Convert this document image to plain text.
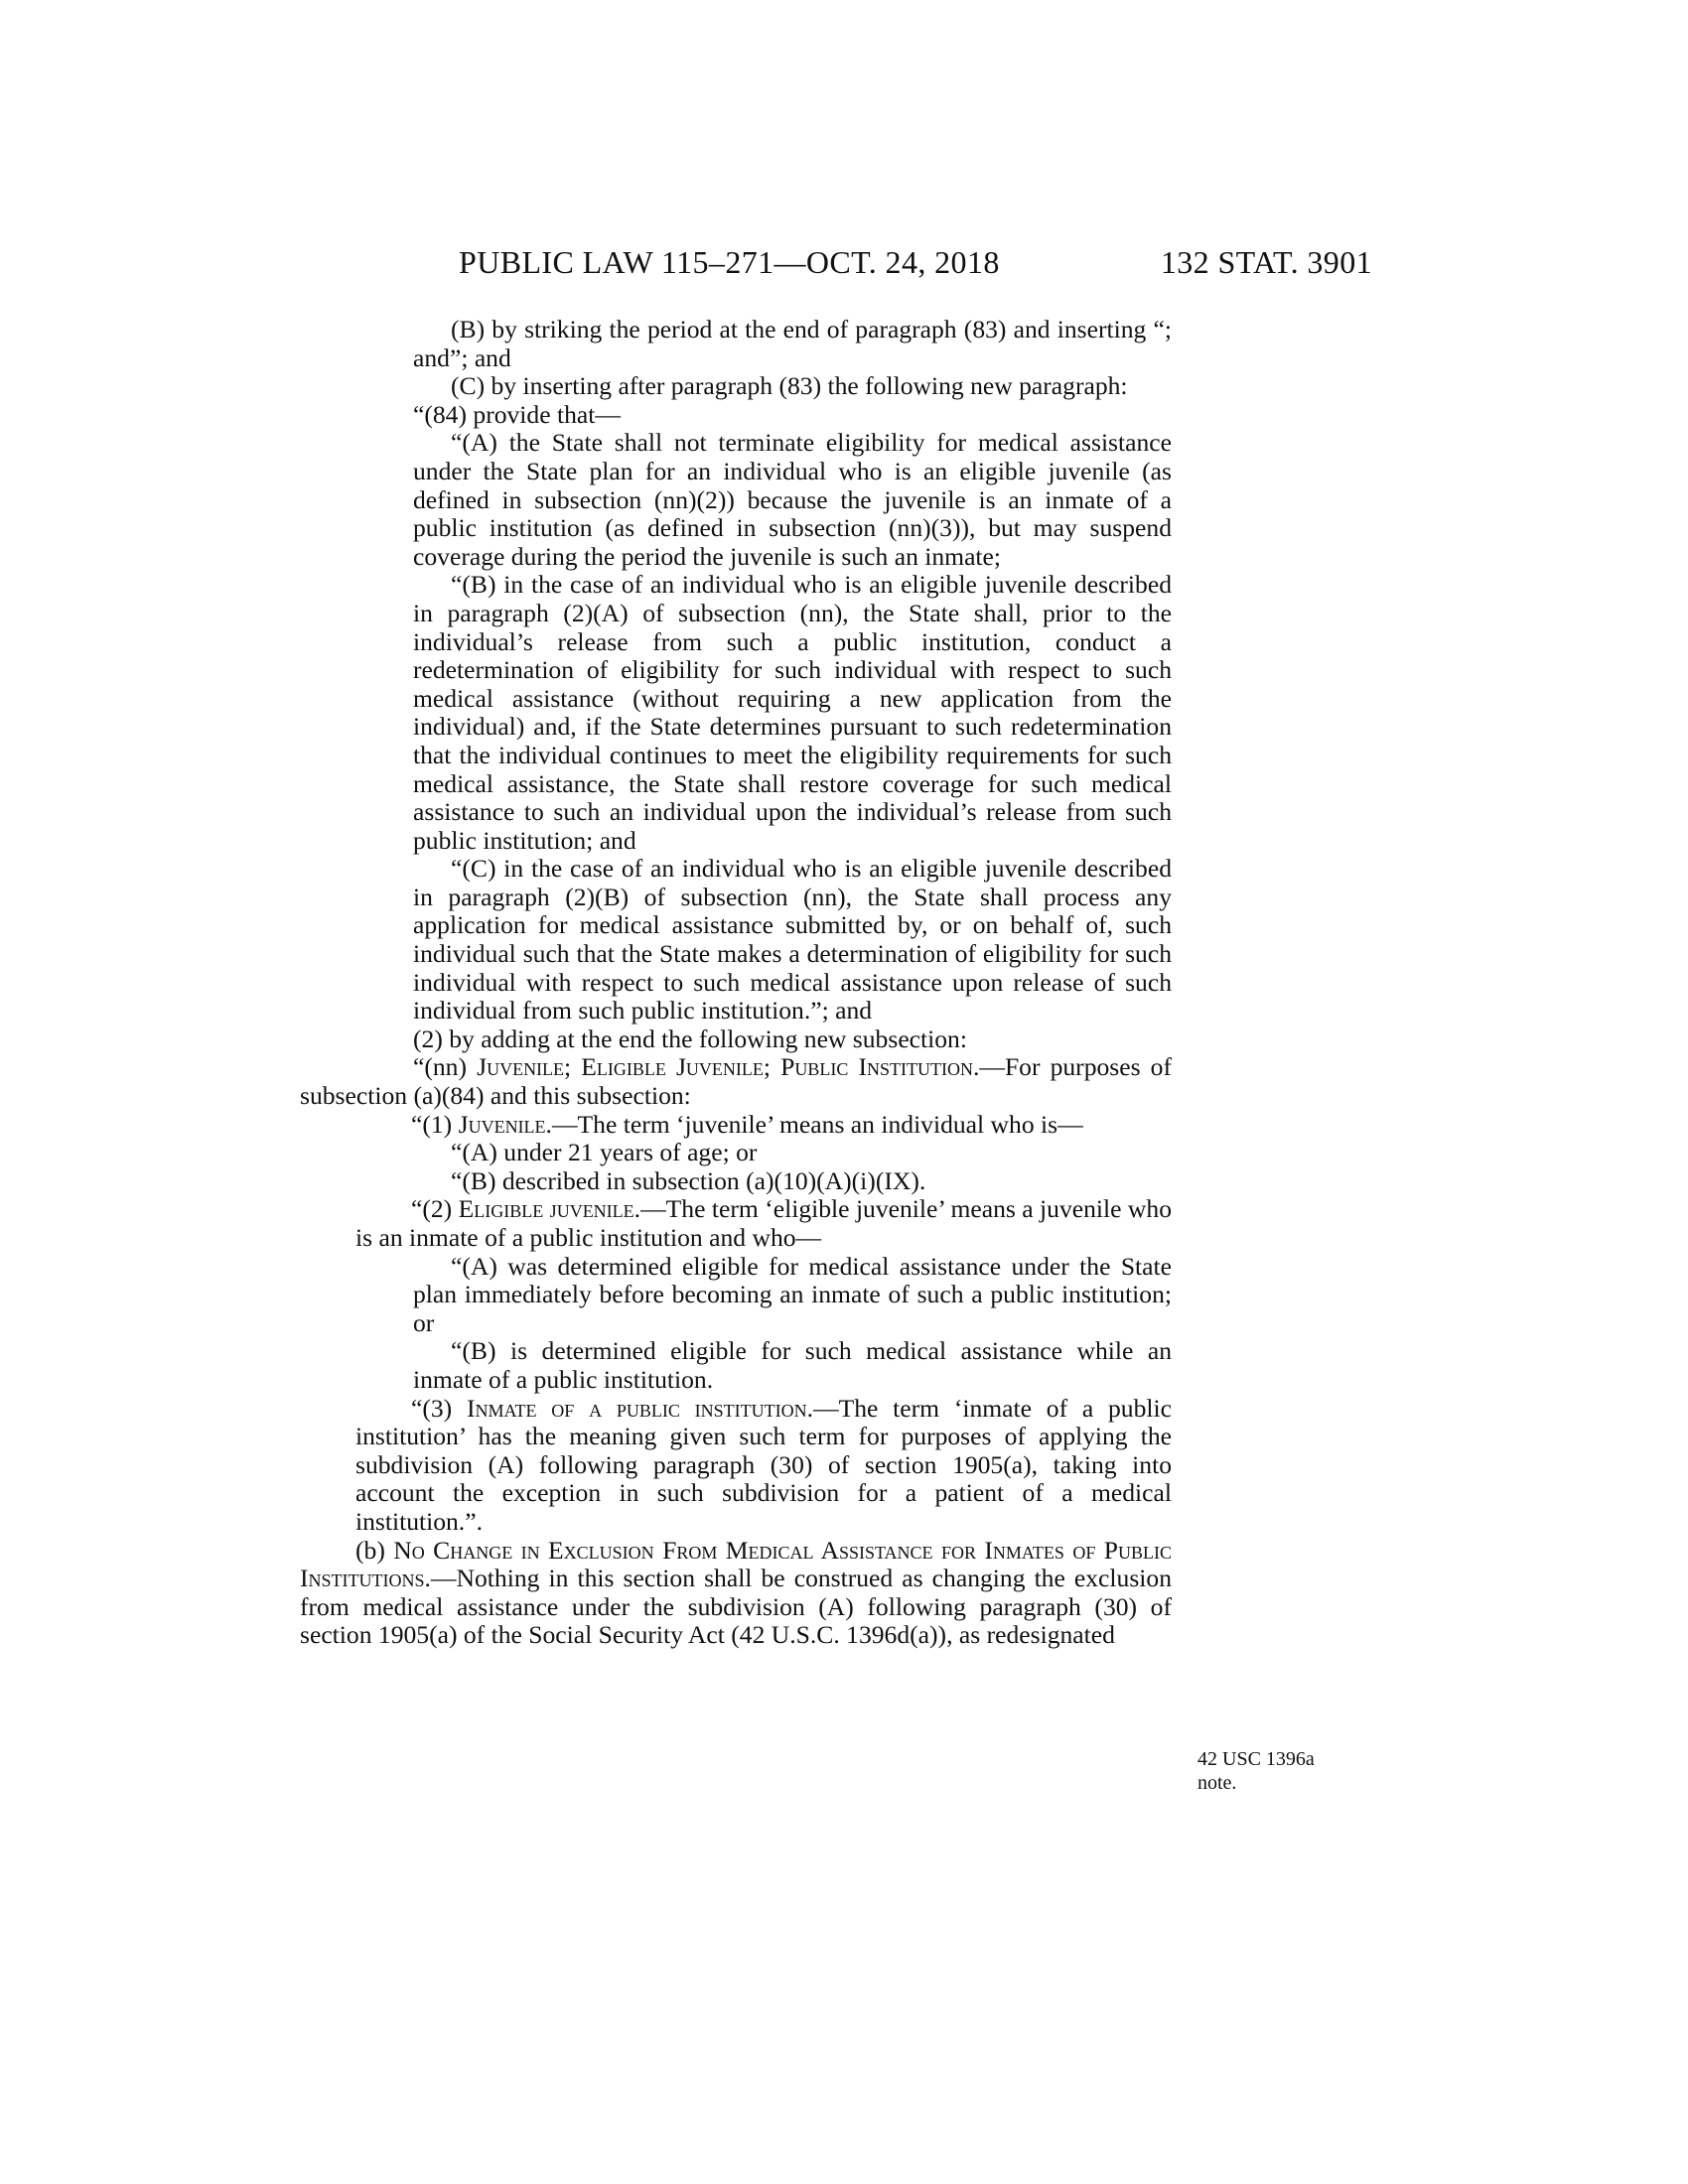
PUBLIC LAW 115–271—OCT. 24, 2018	132 STAT. 3901

(B) by striking the period at the end of paragraph (83) and inserting “; and”; and

(C) by inserting after paragraph (83) the following new paragraph:

“(84) provide that—

“(A) the State shall not terminate eligibility for medical assistance under the State plan for an individual who is an eligible juvenile (as defined in subsection (nn)(2)) because the juvenile is an inmate of a public institution (as defined in subsection (nn)(3)), but may suspend coverage during the period the juvenile is such an inmate;

“(B) in the case of an individual who is an eligible juvenile described in paragraph (2)(A) of subsection (nn), the State shall, prior to the individual’s release from such a public institution, conduct a redetermination of eligibility for such individual with respect to such medical assistance (without requiring a new application from the individual) and, if the State determines pursuant to such redetermination that the individual continues to meet the eligibility requirements for such medical assistance, the State shall restore coverage for such medical assistance to such an individual upon the individual’s release from such public institution; and

“(C) in the case of an individual who is an eligible juvenile described in paragraph (2)(B) of subsection (nn), the State shall process any application for medical assistance submitted by, or on behalf of, such individual such that the State makes a determination of eligibility for such individual with respect to such medical assistance upon release of such individual from such public institution.”; and

(2) by adding at the end the following new subsection:

“(nn) Juvenile; Eligible Juvenile; Public Institution.—For purposes of subsection (a)(84) and this subsection:

“(1) Juvenile.—The term ‘juvenile’ means an individual who is—

“(A) under 21 years of age; or

“(B) described in subsection (a)(10)(A)(i)(IX).

“(2) Eligible juvenile.—The term ‘eligible juvenile’ means a juvenile who is an inmate of a public institution and who—

“(A) was determined eligible for medical assistance under the State plan immediately before becoming an inmate of such a public institution; or

“(B) is determined eligible for such medical assistance while an inmate of a public institution.

“(3) Inmate of a public institution.—The term ‘inmate of a public institution’ has the meaning given such term for purposes of applying the subdivision (A) following paragraph (30) of section 1905(a), taking into account the exception in such subdivision for a patient of a medical institution.”.

(b) No Change in Exclusion From Medical Assistance for Inmates of Public Institutions.—Nothing in this section shall be construed as changing the exclusion from medical assistance under the subdivision (A) following paragraph (30) of section 1905(a) of the Social Security Act (42 U.S.C. 1396d(a)), as redesignated

42 USC 1396a
note.
